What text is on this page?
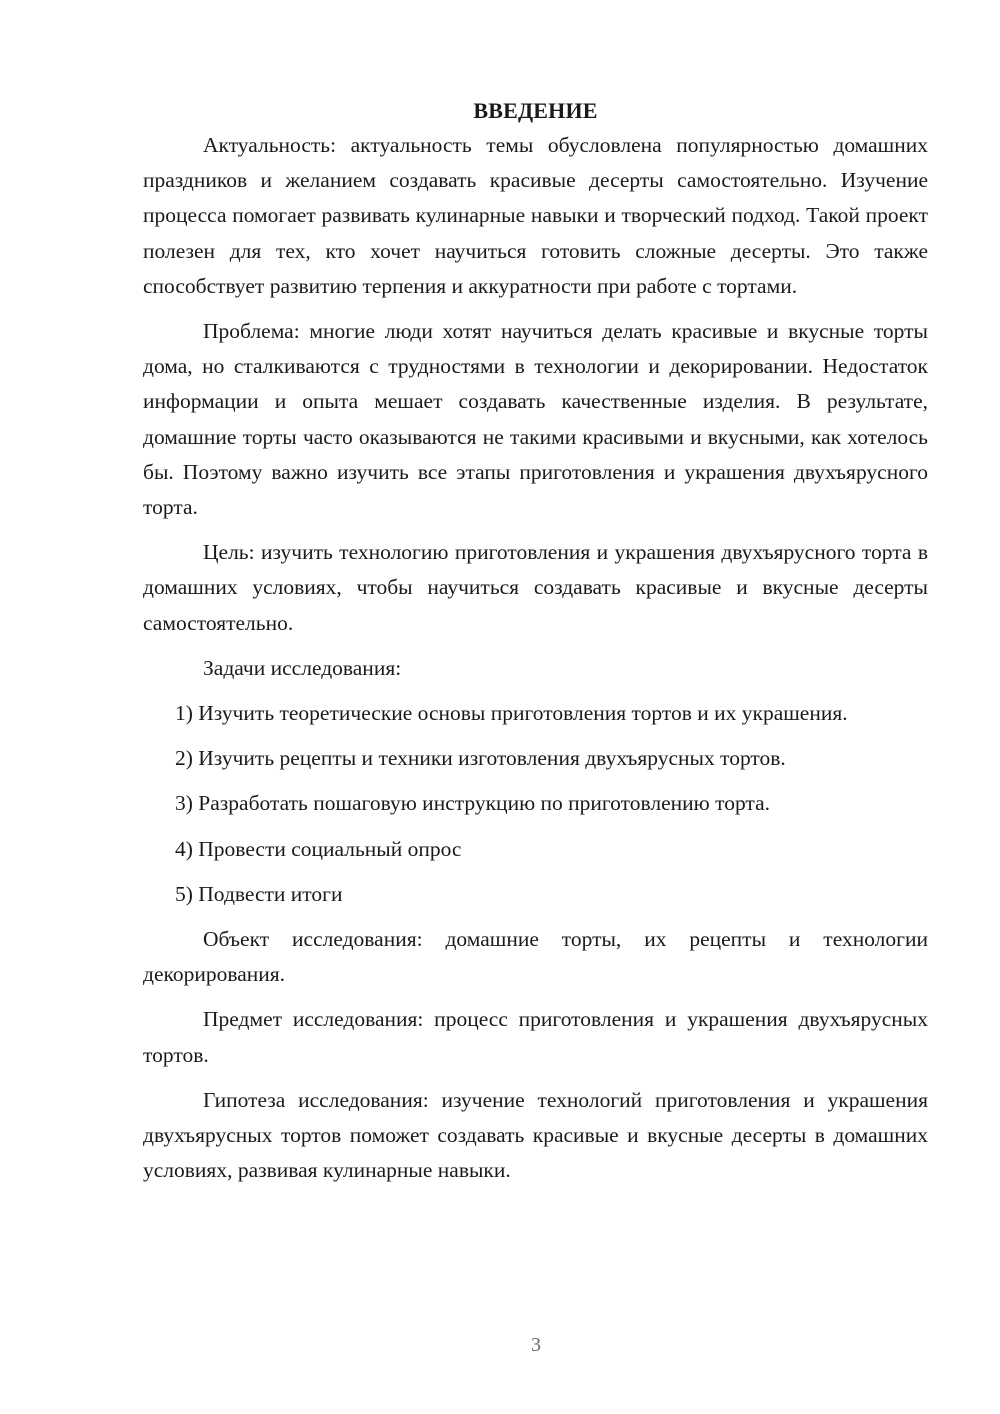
ВВЕДЕНИЕ

Актуальность: актуальность темы обусловлена популярностью домашних праздников и желанием создавать красивые десерты самостоятельно. Изучение процесса помогает развивать кулинарные навыки и творческий подход. Такой проект полезен для тех, кто хочет научиться готовить сложные десерты. Это также способствует развитию терпения и аккуратности при работе с тортами.

Проблема: многие люди хотят научиться делать красивые и вкусные торты дома, но сталкиваются с трудностями в технологии и декорировании. Недостаток информации и опыта мешает создавать качественные изделия. В результате, домашние торты часто оказываются не такими красивыми и вкусными, как хотелось бы. Поэтому важно изучить все этапы приготовления и украшения двухъярусного торта.

Цель: изучить технологию приготовления и украшения двухъярусного торта в домашних условиях, чтобы научиться создавать красивые и вкусные десерты самостоятельно.

Задачи исследования:

1) Изучить теоретические основы приготовления тортов и их украшения.

2) Изучить рецепты и техники изготовления двухъярусных тортов.

3) Разработать пошаговую инструкцию по приготовлению торта.

4) Провести социальный опрос

5) Подвести итоги

Объект исследования: домашние торты, их рецепты и технологии декорирования.

Предмет исследования: процесс приготовления и украшения двухъярусных тортов.

Гипотеза исследования: изучение технологий приготовления и украшения двухъярусных тортов поможет создавать красивые и вкусные десерты в домашних условиях, развивая кулинарные навыки.

3
